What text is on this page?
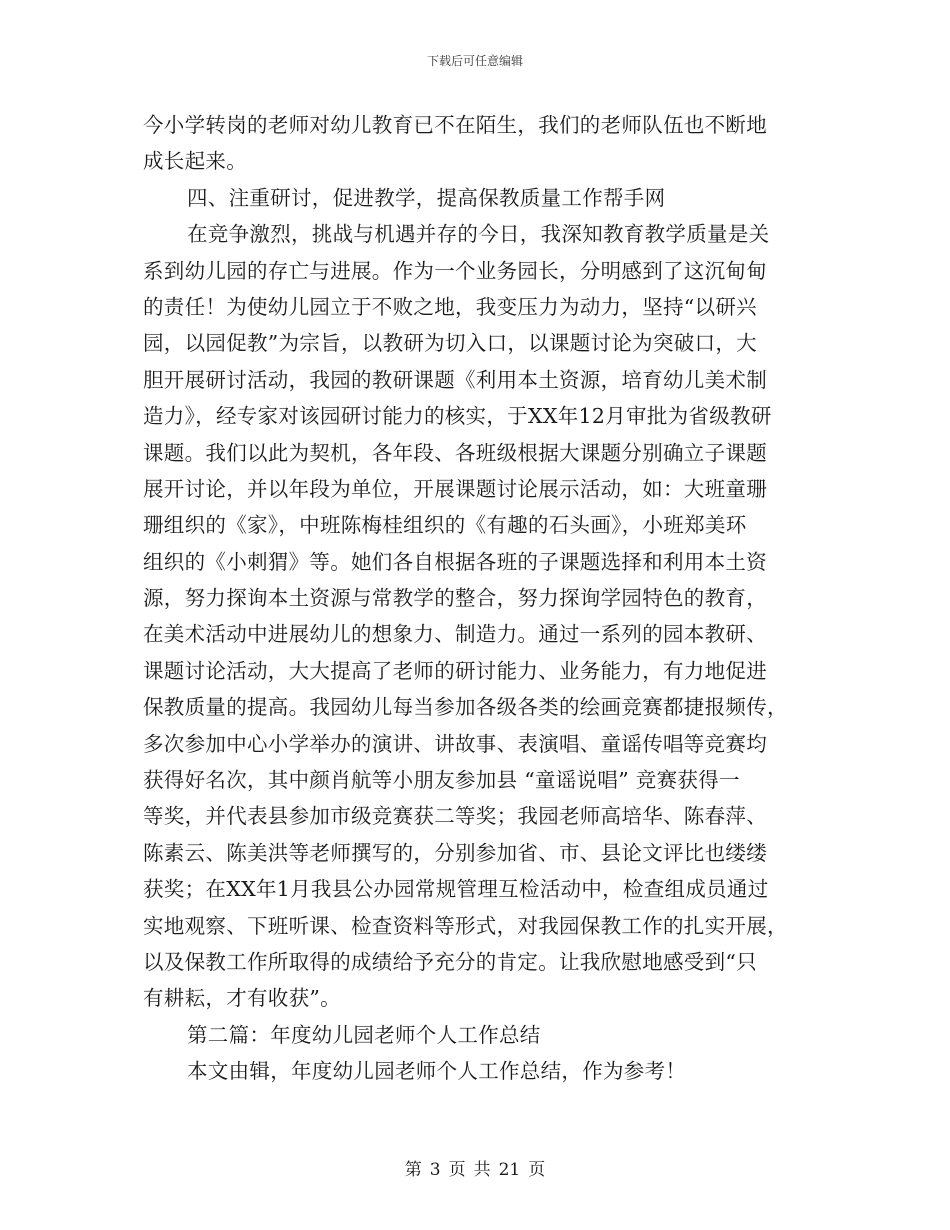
下载后可任意编辑
今小学转岗的老师对幼儿教育已不在陌生，我们的老师队伍也不断地
成长起来。
四、注重研讨，促进教学，提高保教质量工作帮手网
在竞争激烈，挑战与机遇并存的今日，我深知教育教学质量是关
系到幼儿园的存亡与进展。作为一个业务园长，分明感到了这沉甸甸
的责任！为使幼儿园立于不败之地，我变压力为动力，坚持“以研兴
园，以园促教”为宗旨，以教研为切入口，以课题讨论为突破口，大
胆开展研讨活动，我园的教研课题《利用本土资源，培育幼儿美术制
造力》，经专家对该园研讨能力的核实，于XX年12月审批为省级教研
课题。我们以此为契机，各年段、各班级根据大课题分别确立子课题
展开讨论，并以年段为单位，开展课题讨论展示活动，如：大班童珊
珊组织的《家》，中班陈梅桂组织的《有趣的石头画》，小班郑美环
组织的《小刺猬》等。她们各自根据各班的子课题选择和利用本土资
源，努力探询本土资源与常教学的整合，努力探询学园特色的教育，
在美术活动中进展幼儿的想象力、制造力。通过一系列的园本教研、
课题讨论活动，大大提高了老师的研讨能力、业务能力，有力地促进
保教质量的提高。我园幼儿每当参加各级各类的绘画竞赛都捷报频传，
多次参加中心小学举办的演讲、讲故事、表演唱、童谣传唱等竞赛均
获得好名次，其中颜肖航等小朋友参加县 “童谣说唱” 竞赛获得一
等奖，并代表县参加市级竞赛获二等奖；我园老师高培华、陈春萍、
陈素云、陈美洪等老师撰写的，分别参加省、市、县论文评比也缕缕
获奖；在XX年1月我县公办园常规管理互检活动中，检查组成员通过
实地观察、下班听课、检查资料等形式，对我园保教工作的扎实开展，
以及保教工作所取得的成绩给予充分的肯定。让我欣慰地感受到“只
有耕耘，才有收获”。
第二篇：年度幼儿园老师个人工作总结
本文由辑，年度幼儿园老师个人工作总结，作为参考！
第 3 页 共 21 页
